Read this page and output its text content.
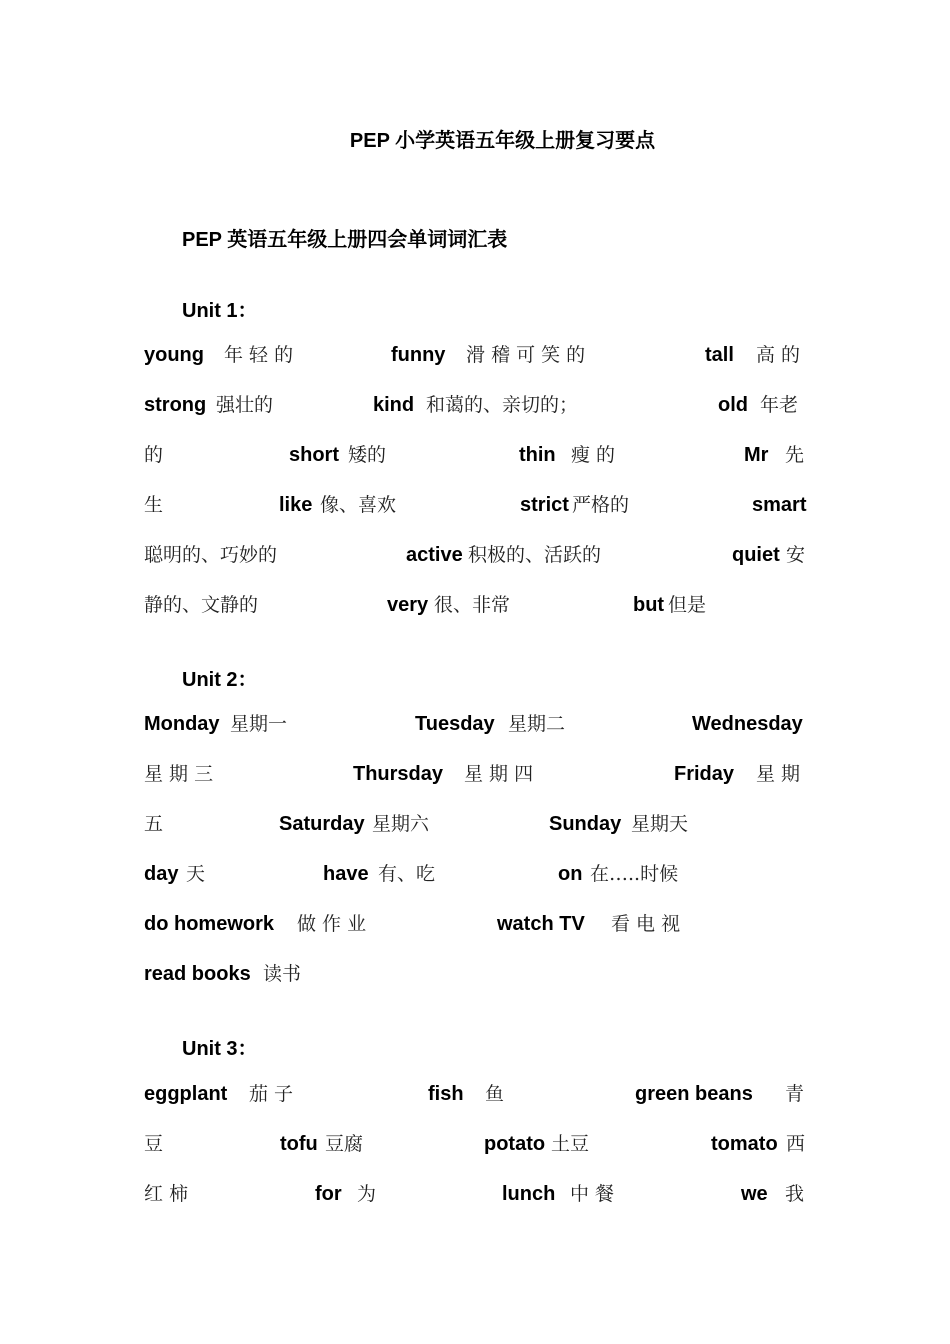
PEP 小学英语五年级上册复习要点
PEP 英语五年级上册四会单词词汇表
Unit 1：
young 年 轻 的	funny 滑 稽 可 笑 的	tall 高 的
strong 强壮的	kind 和蔼的、亲切的；	old 年老
的	short 矮的	thin 瘦 的	Mr 先
生	like 像、喜欢	strict 严格的	smart
聪明的、巧妙的	active 积极的、活跃的	quiet 安
静的、文静的	very 很、非常	but 但是
Unit 2：
Monday 星期一	Tuesday 星期二	Wednesday
星 期 三	Thursday 星 期 四	Friday 星 期
五	Saturday 星期六	Sunday 星期天
day 天	have 有、吃	on 在…..时候
do homework 做 作 业	watch TV 看 电 视
read books 读书
Unit 3：
eggplant 茄 子	fish 鱼	green beans 青
豆	tofu 豆腐	potato 土豆	tomato 西
红 柿	for 为	lunch 中 餐	we 我
